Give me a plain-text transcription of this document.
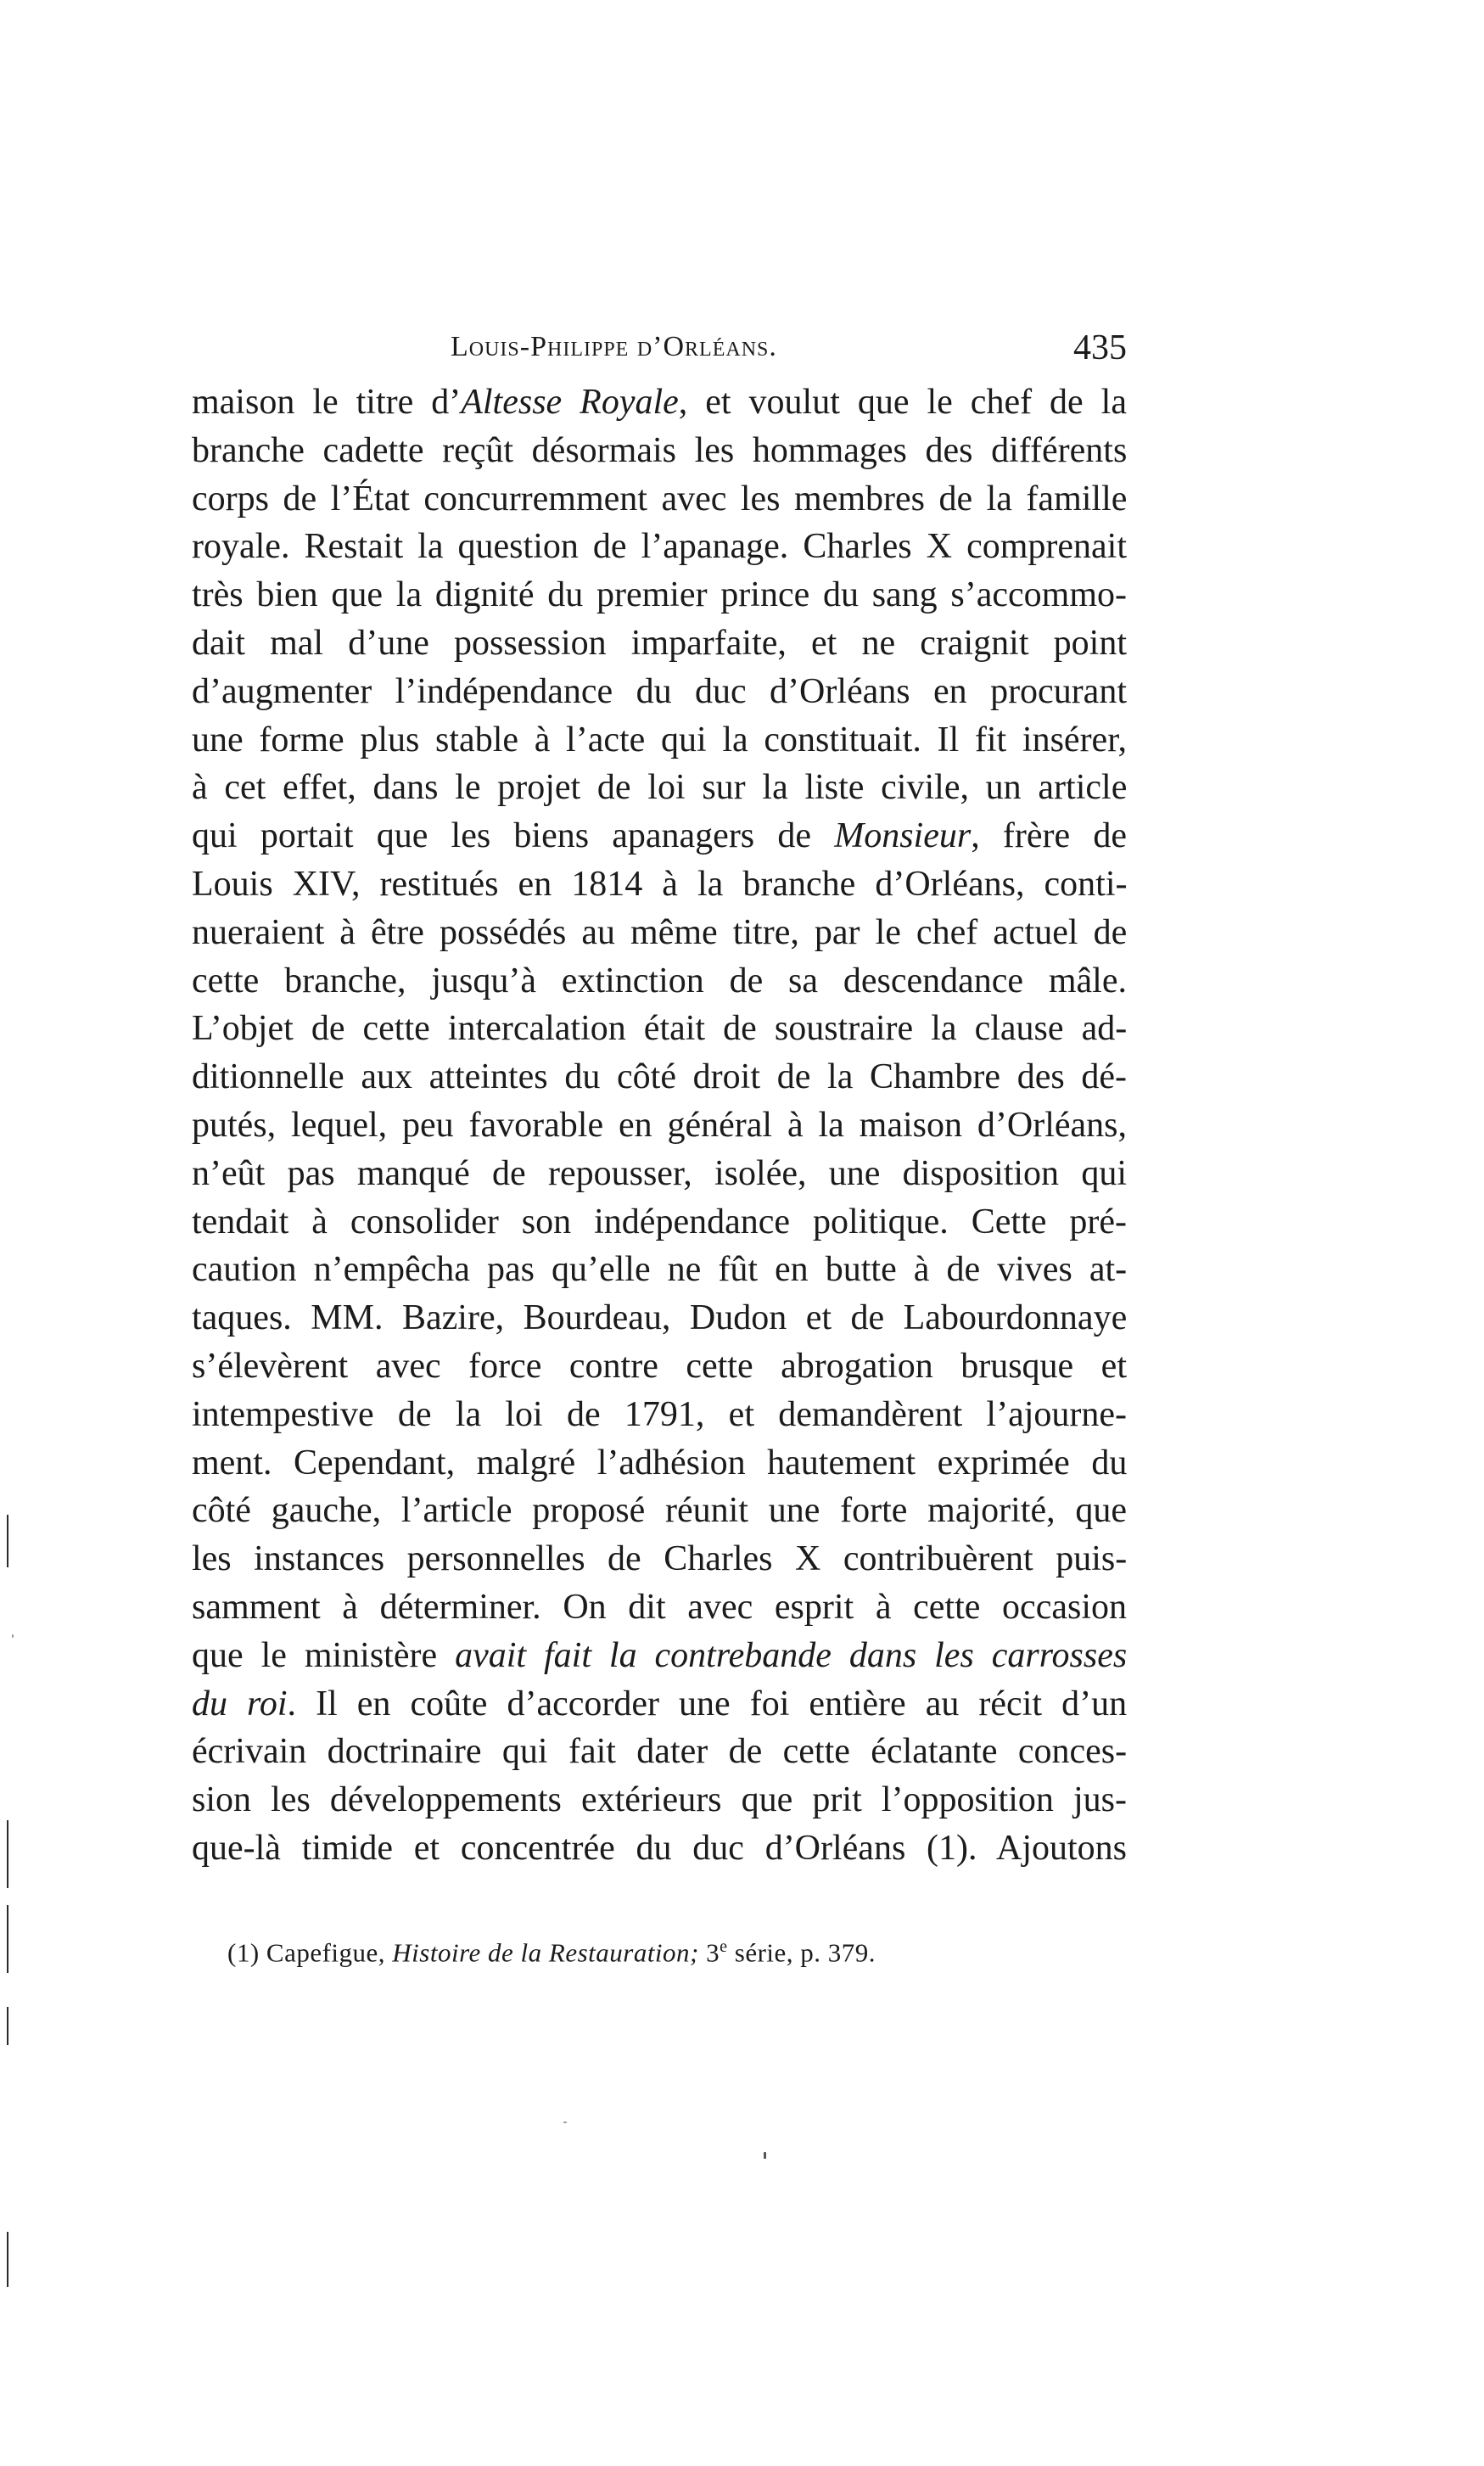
Louis-Philippe d’Orléans.	435
maison le titre d’Altesse Royale, et voulut que le chef de la
branche cadette reçût désormais les hommages des différents
corps de l’État concurremment avec les membres de la famille
royale. Restait la question de l’apanage. Charles X comprenait
très bien que la dignité du premier prince du sang s’accommo-
dait mal d’une possession imparfaite, et ne craignit point
d’augmenter l’indépendance du duc d’Orléans en procurant
une forme plus stable à l’acte qui la constituait. Il fit insérer,
à cet effet, dans le projet de loi sur la liste civile, un article
qui portait que les biens apanagers de Monsieur, frère de
Louis XIV, restitués en 1814 à la branche d’Orléans, conti-
nueraient à être possédés au même titre, par le chef actuel de
cette branche, jusqu’à extinction de sa descendance mâle.
L’objet de cette intercalation était de soustraire la clause ad-
ditionnelle aux atteintes du côté droit de la Chambre des dé-
putés, lequel, peu favorable en général à la maison d’Orléans,
n’eût pas manqué de repousser, isolée, une disposition qui
tendait à consolider son indépendance politique. Cette pré-
caution n’empêcha pas qu’elle ne fût en butte à de vives at-
taques. MM. Bazire, Bourdeau, Dudon et de Labourdonnaye
s’élevèrent avec force contre cette abrogation brusque et
intempestive de la loi de 1791, et demandèrent l’ajourne-
ment. Cependant, malgré l’adhésion hautement exprimée du
côté gauche, l’article proposé réunit une forte majorité, que
les instances personnelles de Charles X contribuèrent puis-
samment à déterminer. On dit avec esprit à cette occasion
que le ministère avait fait la contrebande dans les carrosses
du roi. Il en coûte d’accorder une foi entière au récit d’un
écrivain doctrinaire qui fait dater de cette éclatante conces-
sion les développements extérieurs que prit l’opposition jus-
que-là timide et concentrée du duc d’Orléans (1). Ajoutons
(1) Capefigue, Histoire de la Restauration; 3e série, p. 379.
